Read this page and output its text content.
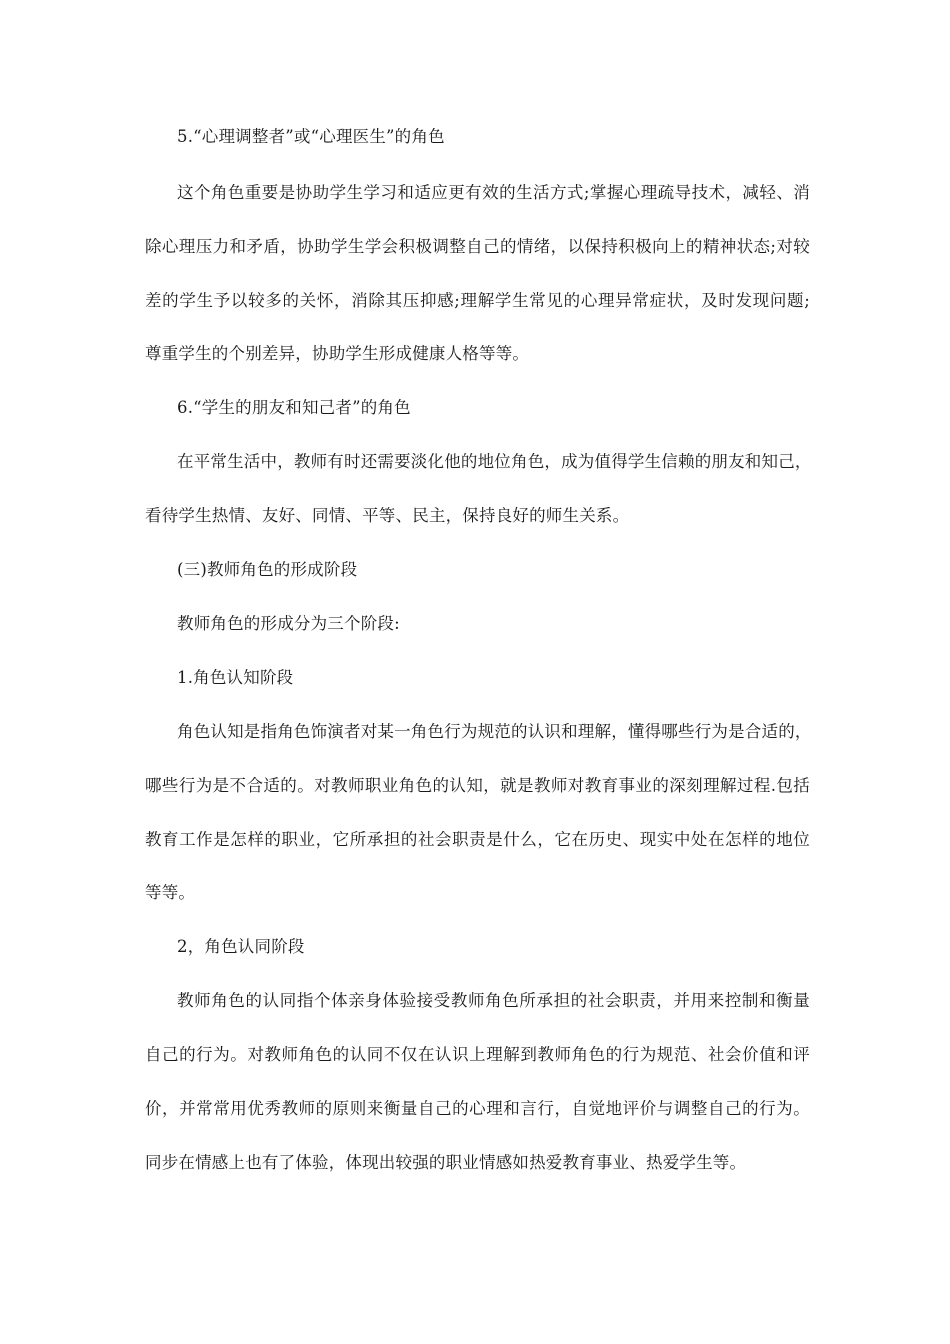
5.“心理调整者”或“心理医生”的角色
这个角色重要是协助学生学习和适应更有效的生活方式;掌握心理疏导技术，减轻、消
除心理压力和矛盾，协助学生学会积极调整自己的情绪，以保持积极向上的精神状态;对较
差的学生予以较多的关怀，消除其压抑感;理解学生常见的心理异常症状，及时发现问题;
尊重学生的个别差异，协助学生形成健康人格等等。
6.“学生的朋友和知己者”的角色
在平常生活中，教师有时还需要淡化他的地位角色，成为值得学生信赖的朋友和知己，
看待学生热情、友好、同情、平等、民主，保持良好的师生关系。
(三)教师角色的形成阶段
教师角色的形成分为三个阶段:
1.角色认知阶段
角色认知是指角色饰演者对某一角色行为规范的认识和理解，懂得哪些行为是合适的，
哪些行为是不合适的。对教师职业角色的认知，就是教师对教育事业的深刻理解过程.包括
教育工作是怎样的职业，它所承担的社会职责是什么，它在历史、现实中处在怎样的地位
等等。
2，角色认同阶段
教师角色的认同指个体亲身体验接受教师角色所承担的社会职责，并用来控制和衡量
自己的行为。对教师角色的认同不仅在认识上理解到教师角色的行为规范、社会价值和评
价，并常常用优秀教师的原则来衡量自己的心理和言行，自觉地评价与调整自己的行为。
同步在情感上也有了体验，体现出较强的职业情感如热爱教育事业、热爱学生等。
